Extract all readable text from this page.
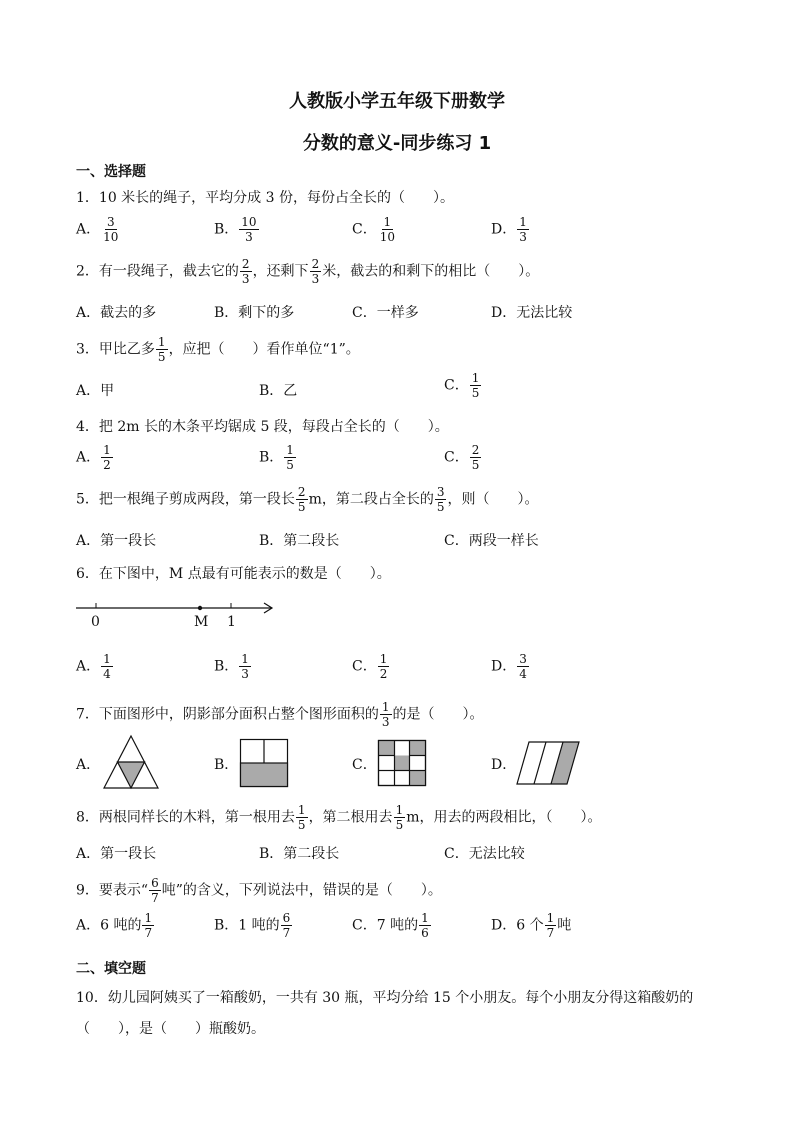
人教版小学五年级下册数学
分数的意义-同步练习 1
一、选择题
1．10 米长的绳子，平均分成 3 份，每份占全长的（　　）。
A． $\frac{3}{10}$	B． $\frac{10}{3}$	C． $\frac{1}{10}$	D． $\frac{1}{3}$
2．有一段绳子，截去它的 $\frac{2}{3}$ ，还剩下 $\frac{2}{3}$ 米，截去的和剩下的相比（　　）。
A．截去的多	B．剩下的多	C．一样多	D．无法比较
3．甲比乙多 $\frac{1}{5}$ ，应把（　　）看作单位“1”。
A．甲	B．乙	C． $\frac{1}{5}$
4．把 2m 长的木条平均锯成 5 段，每段占全长的（　　）。
A． $\frac{1}{2}$	B． $\frac{1}{5}$	C． $\frac{2}{5}$
5．把一根绳子剪成两段，第一段长 $\frac{2}{5}$ m，第二段占全长的 $\frac{3}{5}$ ，则（　　）。
A．第一段长	B．第二段长	C．两段一样长
6．在下图中，M 点最有可能表示的数是（　　）。
0	M 1
A． $\frac{1}{4}$	B． $\frac{1}{3}$	C． $\frac{1}{2}$	D． $\frac{3}{4}$
7．下面图形中，阴影部分面积占整个图形面积的 $\frac{1}{3}$ 的是（　　）。
A．	B．	C．	D．
8．两根同样长的木料，第一根用去 $\frac{1}{5}$ ，第二根用去 $\frac{1}{5}$ m，用去的两段相比，（　　）。
A．第一段长	B．第二段长	C．无法比较
9．要表示“ $\frac{6}{7}$ 吨”的含义，下列说法中，错误的是（　　）。
A．6 吨的 $\frac{1}{7}$	B．1 吨的 $\frac{6}{7}$	C．7 吨的 $\frac{1}{6}$	D．6 个 $\frac{1}{7}$ 吨
二、填空题
10．幼儿园阿姨买了一箱酸奶，一共有 30 瓶，平均分给 15 个小朋友。每个小朋友分得这箱酸奶的
（　　），是（　　）瓶酸奶。
